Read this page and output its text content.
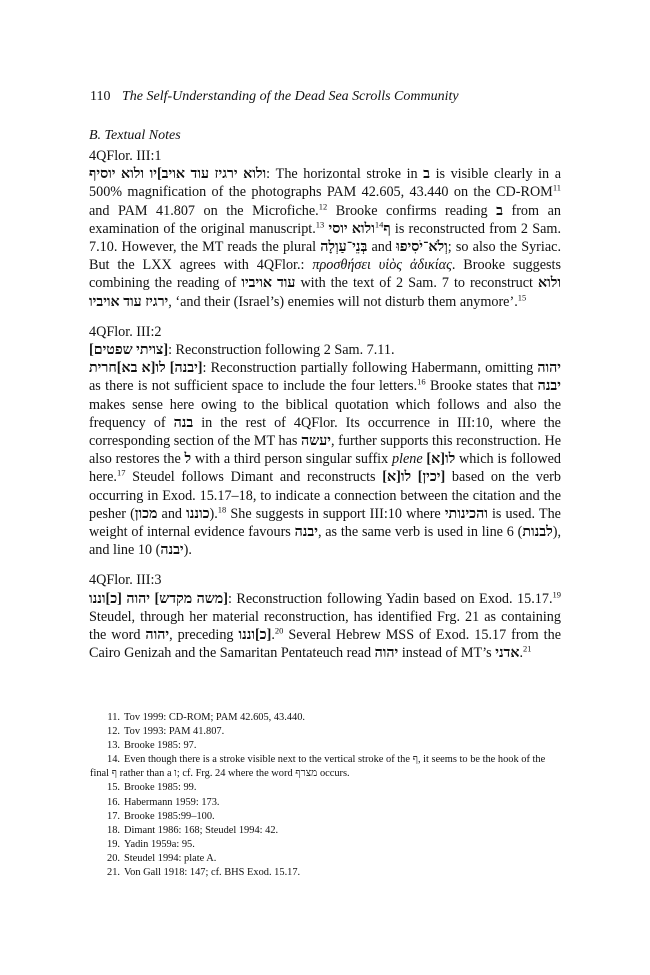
110 The Self-Understanding of the Dead Sea Scrolls Community
B. Textual Notes
4QFlor. III:1
ולוא ירגיז עוד אויב]יו ולוא יוסיף: The horizontal stroke in ב is visible clearly in a 500% magnification of the photographs PAM 42.605, 43.440 on the CD-ROM$^{11}$ and PAM 41.807 on the Microfiche.$^{12}$ Brooke confirms reading ב from an examination of the original manuscript.$^{13}$ ולוא יוסי$^{14}$ף is reconstructed from 2 Sam. 7.10. However, the MT reads the plural בְּנֵי־עַוְלָה and וְלֹא־יֹסִיפוּ; so also the Syriac. But the LXX agrees with 4QFlor.: προσθήσει υἱὸς ἀδικίας. Brooke suggests combining the reading of עוד אויביו with the text of 2 Sam. 7 to reconstruct ולוא ירגיז עוד אויביו, ‘and their (Israel’s) enemies will not disturb them anymore’.$^{15}$
4QFlor. III:2
[צויתי שפטים]: Reconstruction following 2 Sam. 7.11.
[יבנה] לו[א בא]חרית: Reconstruction partially following Habermann, omitting יהוה as there is not sufficient space to include the four letters.$^{16}$ Brooke states that יבנה makes sense here owing to the biblical quotation which follows and also the frequency of בנה in the rest of 4QFlor. Its occurrence in III:10, where the corresponding section of the MT has יעשה, further supports this reconstruction. He also restores the ל with a third person singular suffix plene לו[א] which is followed here.$^{17}$ Steudel follows Dimant and reconstructs [יכין] לו[א] based on the verb occurring in Exod. 15.17–18, to indicate a connection between the citation and the pesher (מכון and כוננו).$^{18}$ She suggests in support III:10 where והכינותי is used. The weight of internal evidence favours יבנה, as the same verb is used in line 6 (לבנות), and line 10 (יבנה).
4QFlor. III:3
[משה מקדש] יהוה [כ]וננו: Reconstruction following Yadin based on Exod. 15.17.19 Steudel, through her material reconstruction, has identified Frg. 21 as containing the word יהוה, preceding [כ]וננו.$^{20}$ Several Hebrew MSS of Exod. 15.17 from the Cairo Genizah and the Samaritan Pentateuch read יהוה instead of MT’s אדני.$^{21}$
11. Tov 1999: CD-ROM; PAM 42.605, 43.440.
12. Tov 1993: PAM 41.807.
13. Brooke 1985: 97.
14. Even though there is a stroke visible next to the vertical stroke of the ף, it seems to be the hook of the final ף rather than a ו; cf. Frg. 24 where the word מצרף occurs.
15. Brooke 1985: 99.
16. Habermann 1959: 173.
17. Brooke 1985:99–100.
18. Dimant 1986: 168; Steudel 1994: 42.
19. Yadin 1959a: 95.
20. Steudel 1994: plate A.
21. Von Gall 1918: 147; cf. BHS Exod. 15.17.
